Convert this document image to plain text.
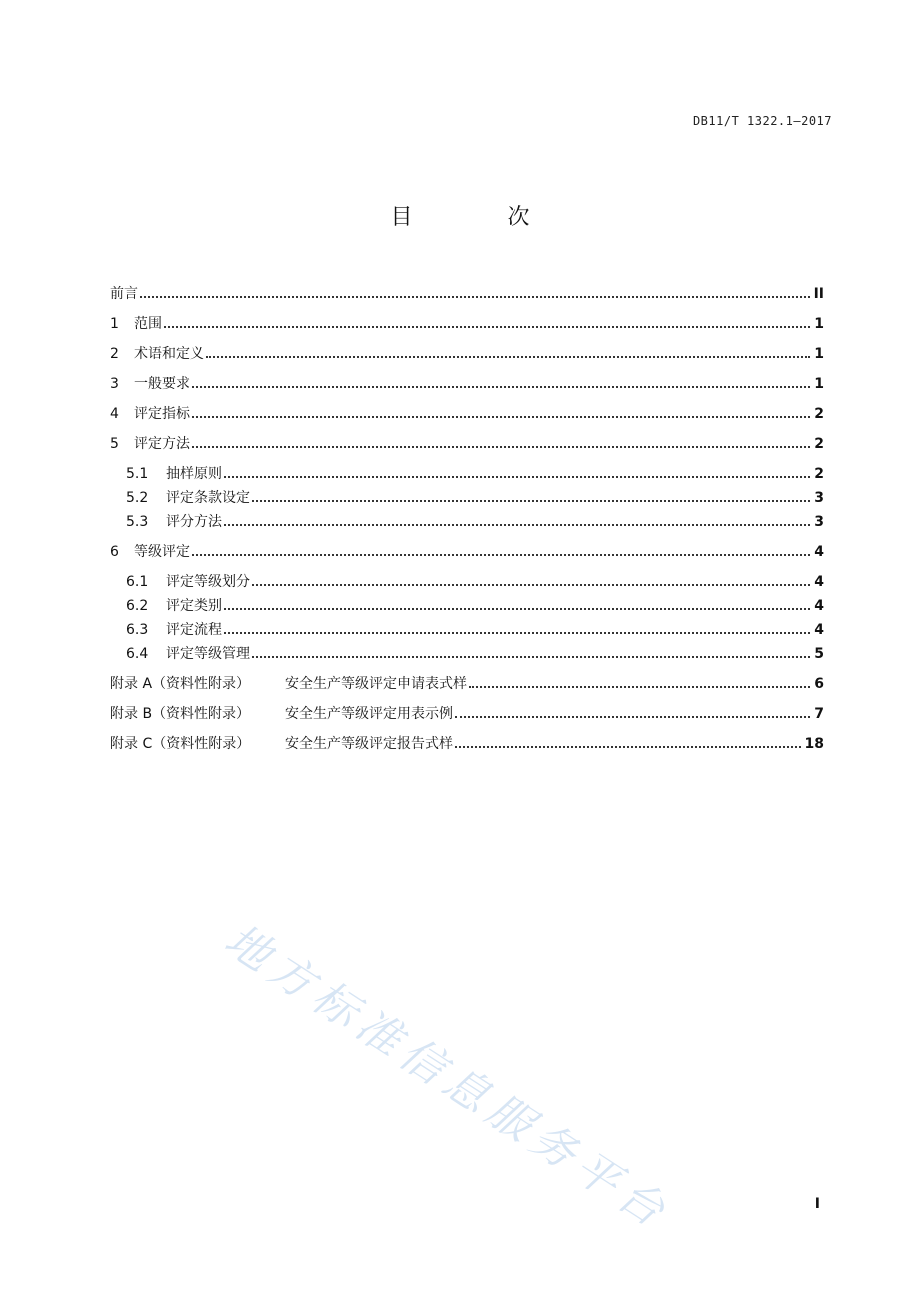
DB11/T 1322.1—2017
目 次
前言	II
1	范围	1
2	术语和定义	1
3	一般要求	1
4	评定指标	2
5	评定方法	2
5.1	抽样原则	2
5.2	评定条款设定	3
5.3	评分方法	3
6	等级评定	4
6.1	评定等级划分	4
6.2	评定类别	4
6.3	评定流程	4
6.4	评定等级管理	5
附录 A（资料性附录）	安全生产等级评定申请表式样	6
附录 B（资料性附录）	安全生产等级评定用表示例	7
附录 C（资料性附录）	安全生产等级评定报告式样	18
地方标准信息服务平台	I
